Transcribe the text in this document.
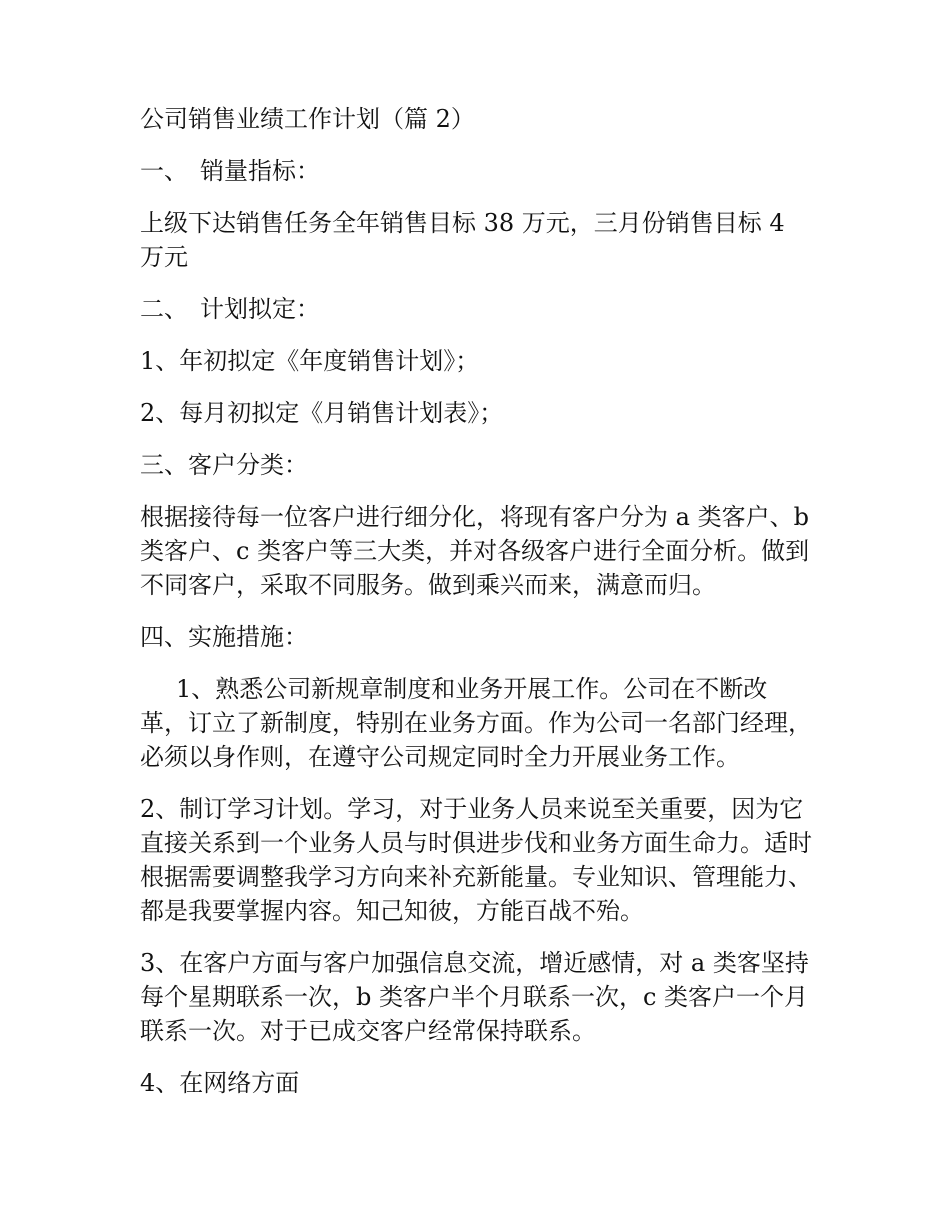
公司销售业绩工作计划（篇 2）

一、　销量指标：

上级下达销售任务全年销售目标 38 万元，三月份销售目标 4 万元

二、　计划拟定：

1、年初拟定《年度销售计划》；

2、每月初拟定《月销售计划表》；

三、客户分类：

根据接待每一位客户进行细分化，将现有客户分为 a 类客户、b 类客户、c 类客户等三大类，并对各级客户进行全面分析。做到不同客户，采取不同服务。做到乘兴而来，满意而归。

四、实施措施：

1、熟悉公司新规章制度和业务开展工作。公司在不断改革，订立了新制度，特别在业务方面。作为公司一名部门经理，必须以身作则，在遵守公司规定同时全力开展业务工作。

2、制订学习计划。学习，对于业务人员来说至关重要，因为它直接关系到一个业务人员与时俱进步伐和业务方面生命力。适时根据需要调整我学习方向来补充新能量。专业知识、管理能力、都是我要掌握内容。知己知彼，方能百战不殆。

3、在客户方面与客户加强信息交流，增近感情，对 a 类客坚持每个星期联系一次，b 类客户半个月联系一次，c 类客户一个月联系一次。对于已成交客户经常保持联系。

4、在网络方面
